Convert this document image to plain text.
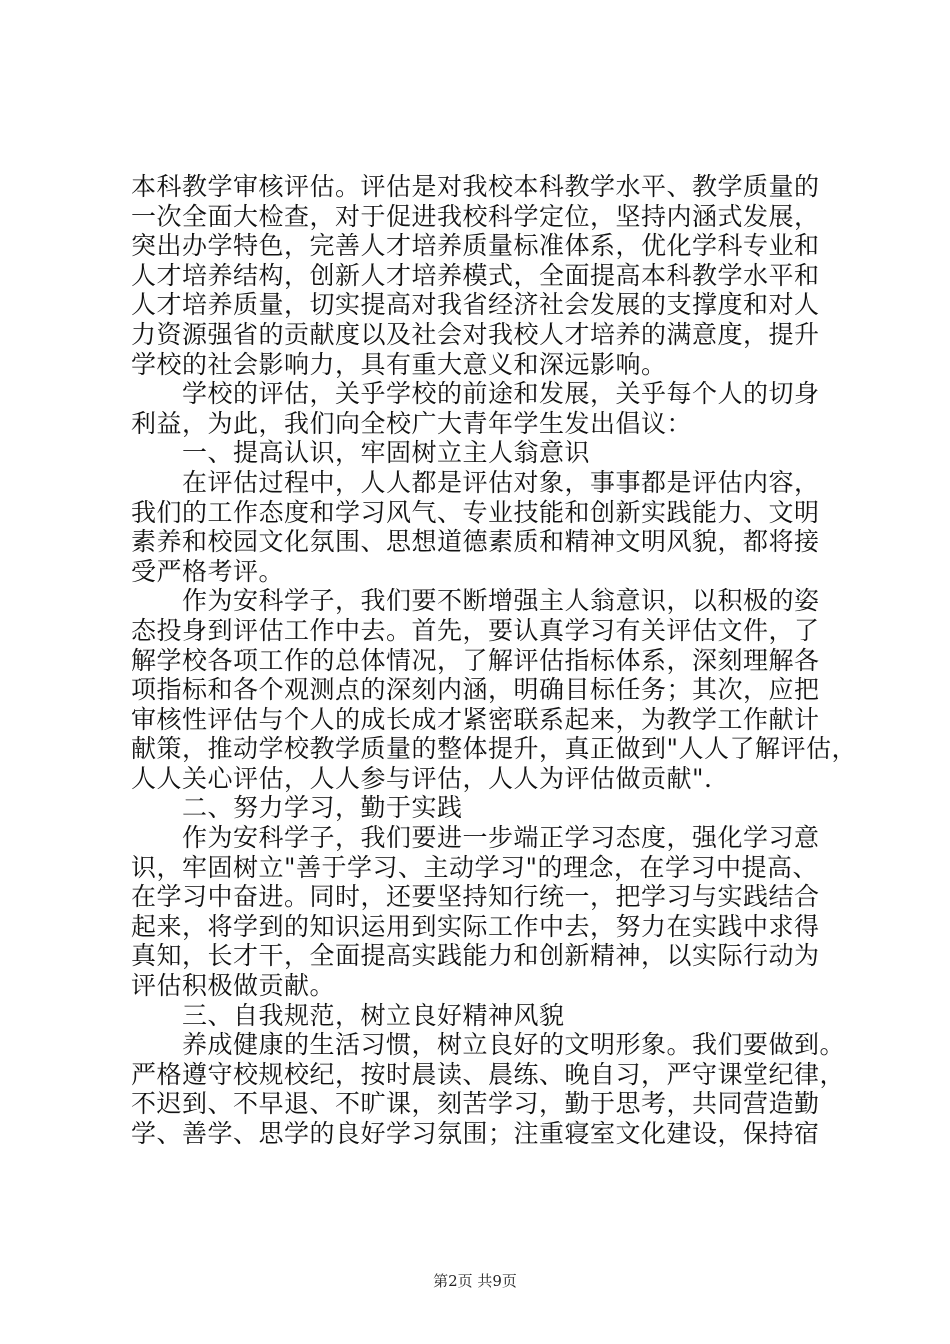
本科教学审核评估。评估是对我校本科教学水平、教学质量的

一次全面大检查，对于促进我校科学定位，坚持内涵式发展，

突出办学特色，完善人才培养质量标准体系，优化学科专业和

人才培养结构，创新人才培养模式，全面提高本科教学水平和

人才培养质量，切实提高对我省经济社会发展的支撑度和对人

力资源强省的贡献度以及社会对我校人才培养的满意度，提升

学校的社会影响力，具有重大意义和深远影响。

　　学校的评估，关乎学校的前途和发展，关乎每个人的切身

利益，为此，我们向全校广大青年学生发出倡议：

　　一、提高认识，牢固树立主人翁意识

　　在评估过程中，人人都是评估对象，事事都是评估内容，

我们的工作态度和学习风气、专业技能和创新实践能力、文明

素养和校园文化氛围、思想道德素质和精神文明风貌，都将接

受严格考评。

　　作为安科学子，我们要不断增强主人翁意识，以积极的姿

态投身到评估工作中去。首先，要认真学习有关评估文件，了

解学校各项工作的总体情况，了解评估指标体系，深刻理解各

项指标和各个观测点的深刻内涵，明确目标任务；其次，应把

审核性评估与个人的成长成才紧密联系起来，为教学工作献计

献策，推动学校教学质量的整体提升，真正做到"人人了解评估，

人人关心评估，人人参与评估，人人为评估做贡献".

　　二、努力学习，勤于实践

　　作为安科学子，我们要进一步端正学习态度，强化学习意

识，牢固树立"善于学习、主动学习"的理念，在学习中提高、

在学习中奋进。同时，还要坚持知行统一，把学习与实践结合

起来，将学到的知识运用到实际工作中去，努力在实践中求得

真知，长才干，全面提高实践能力和创新精神，以实际行动为

评估积极做贡献。

　　三、自我规范，树立良好精神风貌

　　养成健康的生活习惯，树立良好的文明形象。我们要做到。

严格遵守校规校纪，按时晨读、晨练、晚自习，严守课堂纪律，

不迟到、不早退、不旷课，刻苦学习，勤于思考，共同营造勤

学、善学、思学的良好学习氛围；注重寝室文化建设，保持宿

第2页 共9页
